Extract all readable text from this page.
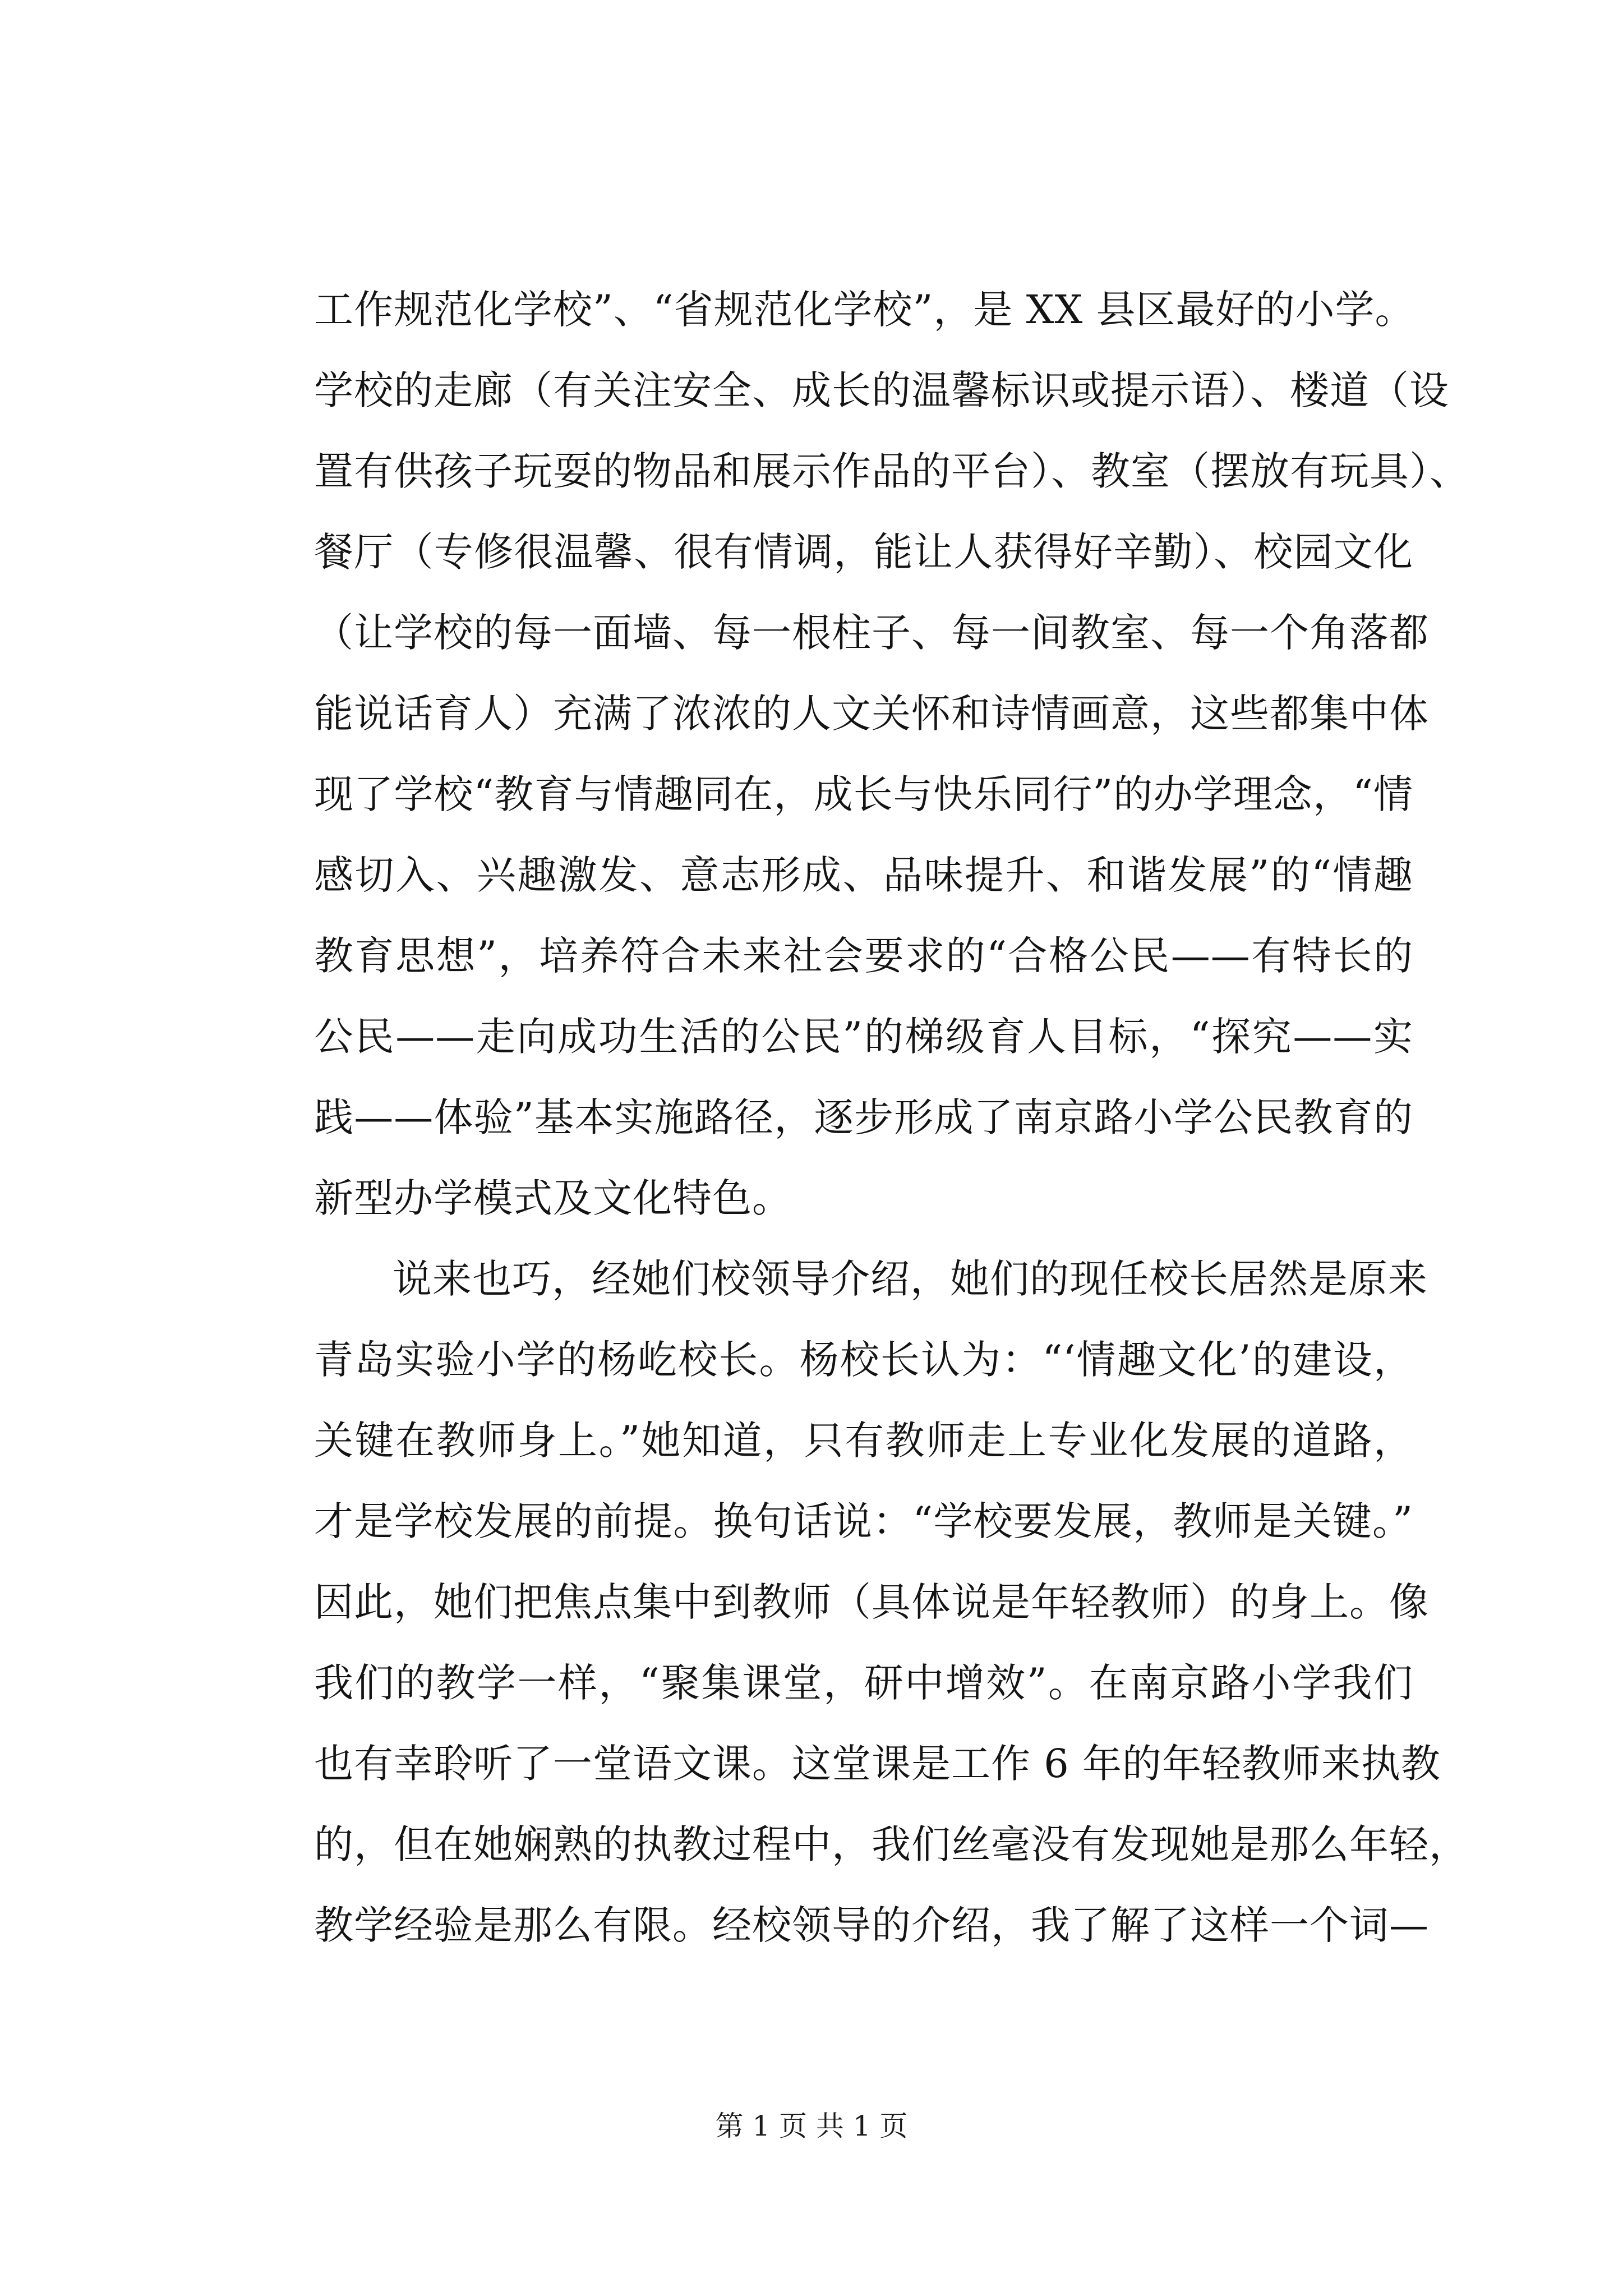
工作规范化学校”、“省规范化学校”，是 XX 县区最好的小学。
学校的走廊（有关注安全、成长的温馨标识或提示语）、楼道（设
置有供孩子玩耍的物品和展示作品的平台）、教室（摆放有玩具）、
餐厅（专修很温馨、很有情调，能让人获得好辛勤）、校园文化
（让学校的每一面墙、每一根柱子、每一间教室、每一个角落都
能说话育人）充满了浓浓的人文关怀和诗情画意，这些都集中体
现了学校“教育与情趣同在，成长与快乐同行”的办学理念，“情
感切入、兴趣激发、意志形成、品味提升、和谐发展”的“情趣
教育思想”，培养符合未来社会要求的“合格公民——有特长的
公民——走向成功生活的公民”的梯级育人目标，“探究——实
践——体验”基本实施路径，逐步形成了南京路小学公民教育的
新型办学模式及文化特色。
说来也巧，经她们校领导介绍，她们的现任校长居然是原来
青岛实验小学的杨屹校长。杨校长认为：“‘情趣文化’的建设，
关键在教师身上。”她知道，只有教师走上专业化发展的道路，
才是学校发展的前提。换句话说：“学校要发展，教师是关键。”
因此，她们把焦点集中到教师（具体说是年轻教师）的身上。像
我们的教学一样，“聚集课堂，研中增效”。在南京路小学我们
也有幸聆听了一堂语文课。这堂课是工作 6 年的年轻教师来执教
的，但在她娴熟的执教过程中，我们丝毫没有发现她是那么年轻，
教学经验是那么有限。经校领导的介绍，我了解了这样一个词—
第 1 页 共 1 页
